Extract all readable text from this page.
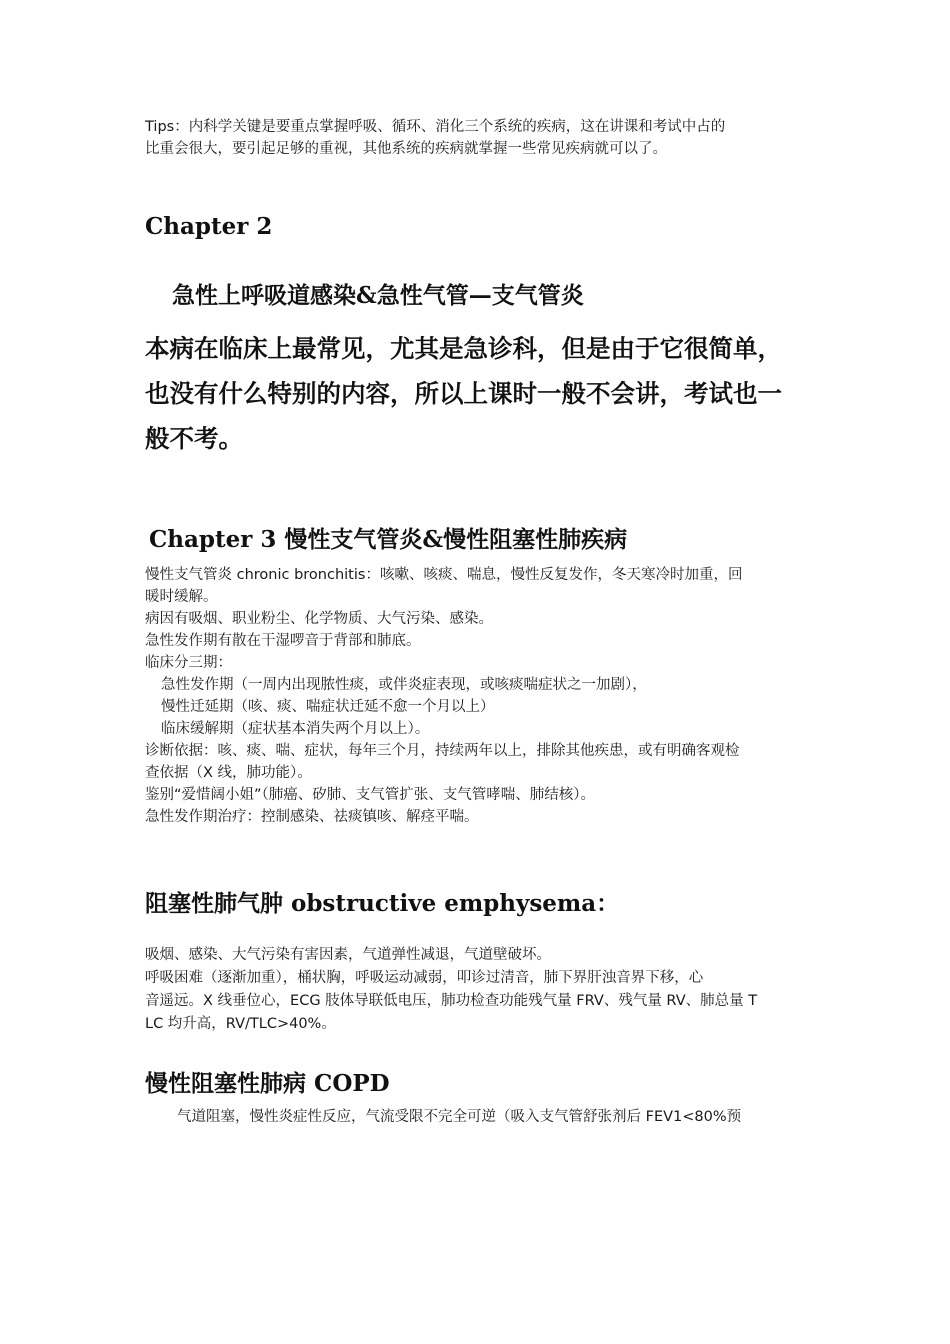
Tips：内科学关键是要重点掌握呼吸、循环、消化三个系统的疾病，这在讲课和考试中占的
比重会很大，要引起足够的重视，其他系统的疾病就掌握一些常见疾病就可以了。
Chapter 2
急性上呼吸道感染&急性气管—支气管炎
本病在临床上最常见，尤其是急诊科，但是由于它很简单，
也没有什么特别的内容，所以上课时一般不会讲，考试也一
般不考。
Chapter 3 慢性支气管炎&慢性阻塞性肺疾病
慢性支气管炎 chronic bronchitis：咳嗽、咳痰、喘息，慢性反复发作，冬天寒冷时加重，回
暖时缓解。
病因有吸烟、职业粉尘、化学物质、大气污染、感染。
急性发作期有散在干湿啰音于背部和肺底。
临床分三期：
急性发作期（一周内出现脓性痰，或伴炎症表现，或咳痰喘症状之一加剧），
慢性迁延期（咳、痰、喘症状迁延不愈一个月以上）
临床缓解期（症状基本消失两个月以上）。
诊断依据：咳、痰、喘、症状，每年三个月，持续两年以上，排除其他疾患，或有明确客观检
查依据（X 线，肺功能）。
鉴别“爱惜阔小姐”（肺癌、矽肺、支气管扩张、支气管哮喘、肺结核）。
急性发作期治疗：控制感染、祛痰镇咳、解痉平喘。
阻塞性肺气肿 obstructive emphysema：
吸烟、感染、大气污染有害因素，气道弹性减退，气道壁破坏。
呼吸困难（逐渐加重），桶状胸，呼吸运动减弱，叩诊过清音，肺下界肝浊音界下移，心
音遥远。X 线垂位心，ECG 肢体导联低电压，肺功检查功能残气量 FRV、残气量 RV、肺总量 T
LC 均升高，RV/TLC>40%。
慢性阻塞性肺病 COPD
气道阻塞，慢性炎症性反应，气流受限不完全可逆（吸入支气管舒张剂后 FEV1<80%预
